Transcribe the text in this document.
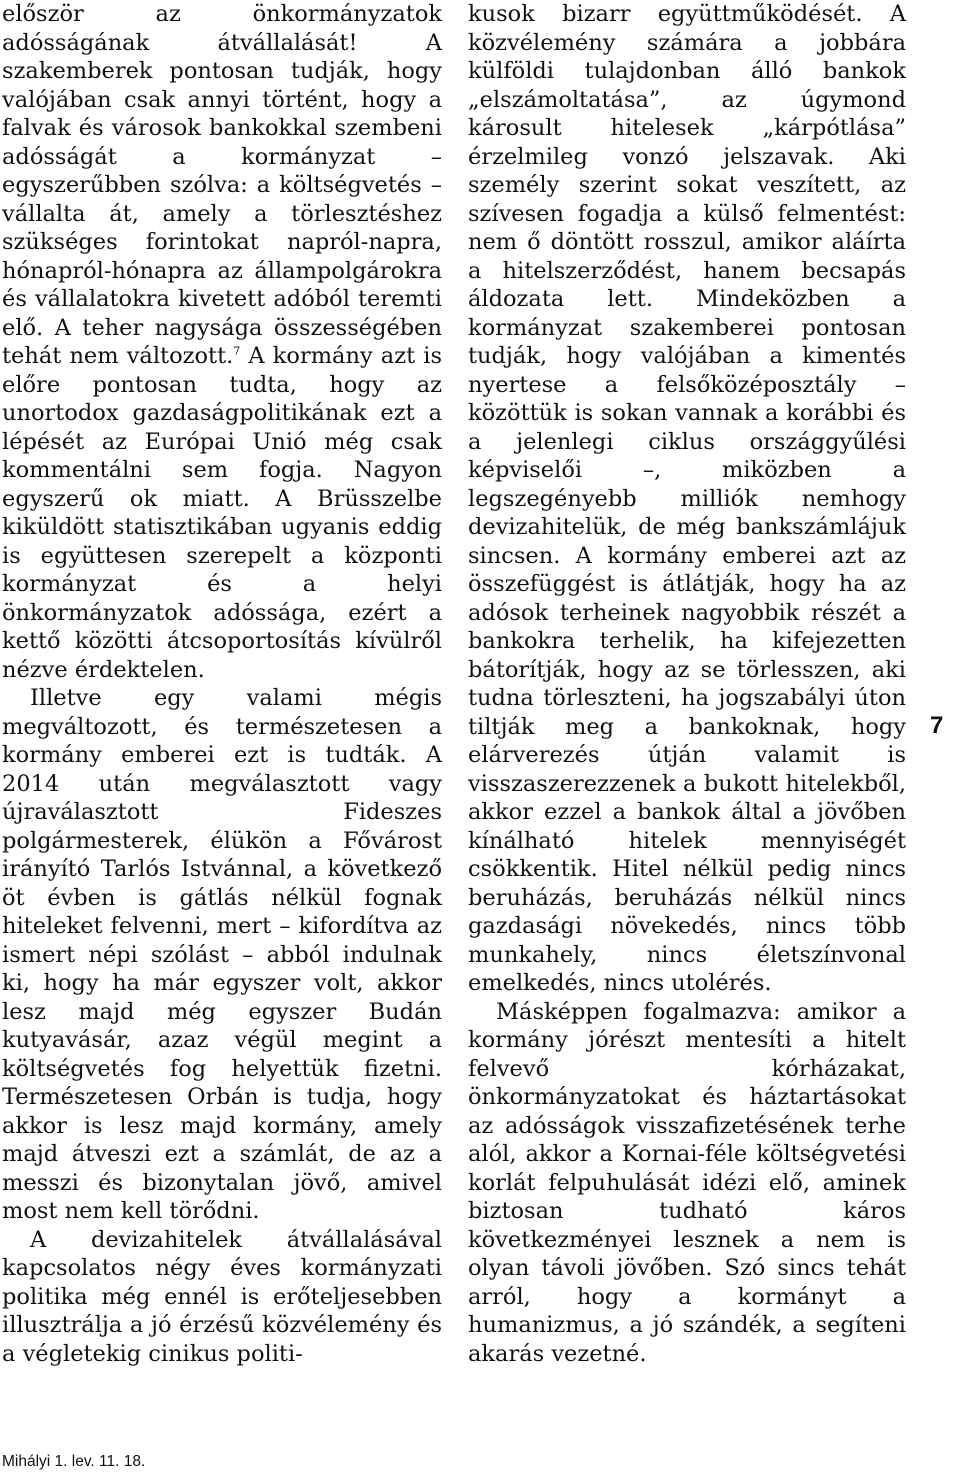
először az önkormányzatok adósságának átvállalását! A szakemberek pontosan tudják, hogy valójában csak annyi történt, hogy a falvak és városok bankokkal szembeni adósságát a kormányzat – egyszerűbben szólva: a költségvetés – vállalta át, amely a törlesztéshez szükséges forintokat napról-napra, hónapról-hónapra az állampolgárokra és vállalatokra kivetett adóból teremti elő. A teher nagysága összességében tehát nem változott.$^7$ A kormány azt is előre pontosan tudta, hogy az unortodox gazdaságpolitikának ezt a lépését az Európai Unió még csak kommentálni sem fogja. Nagyon egyszerű ok miatt. A Brüsszelbe kiküldött statisztikában ugyanis eddig is együttesen szerepelt a központi kormányzat és a helyi önkormányzatok adóssága, ezért a kettő közötti átcsoportosítás kívülről nézve érdektelen.

Illetve egy valami mégis megváltozott, és természetesen a kormány emberei ezt is tudták. A 2014 után megválasztott vagy újraválasztott Fideszes polgármesterek, élükön a Fővárost irányító Tarlós Istvánnal, a következő öt évben is gátlás nélkül fognak hiteleket felvenni, mert – kifordítva az ismert népi szólást – abból indulnak ki, hogy ha már egyszer volt, akkor lesz majd még egyszer Budán kutyavásár, azaz végül megint a költségvetés fog helyettük fizetni. Természetesen Orbán is tudja, hogy akkor is lesz majd kormány, amely majd átveszi ezt a számlát, de az a messzi és bizonytalan jövő, amivel most nem kell törődni.

A devizahitelek átvállalásával kapcsolatos négy éves kormányzati politika még ennél is erőteljesebben illusztrálja a jó érzésű közvélemény és a végletekig cinikus politi-

kusok bizarr együttműködését. A közvélemény számára a jobbára külföldi tulajdonban álló bankok „elszámoltatása”, az úgymond károsult hitelesek „kárpótlása” érzelmileg vonzó jelszavak. Aki személy szerint sokat veszített, az szívesen fogadja a külső felmentést: nem ő döntött rosszul, amikor aláírta a hitelszerződést, hanem becsapás áldozata lett. Mindeközben a kormányzat szakemberei pontosan tudják, hogy valójában a kimentés nyertese a felsőközéposztály – közöttük is sokan vannak a korábbi és a jelenlegi ciklus országgyűlési képviselői –, miközben a legszegényebb milliók nemhogy devizahitelük, de még bankszámlájuk sincsen. A kormány emberei azt az összefüggést is átlátják, hogy ha az adósok terheinek nagyobbik részét a bankokra terhelik, ha kifejezetten bátorítják, hogy az se törlesszen, aki tudna törleszteni, ha jogszabályi úton tiltják meg a bankoknak, hogy elárverezés útján valamit is visszaszerezzenek a bukott hitelekből, akkor ezzel a bankok által a jövőben kínálható hitelek mennyiségét csökkentik. Hitel nélkül pedig nincs beruházás, beruházás nélkül nincs gazdasági növekedés, nincs több munkahely, nincs életszínvonal emelkedés, nincs utolérés.

Másképpen fogalmazva: amikor a kormány jórészt mentesíti a hitelt felvevő kórházakat, önkormányzatokat és háztartásokat az adósságok visszafizetésének terhe alól, akkor a Kornai-féle költségvetési korlát felpuhulását idézi elő, aminek biztosan tudható káros következményei lesznek a nem is olyan távoli jövőben. Szó sincs tehát arról, hogy a kormányt a humanizmus, a jó szándék, a segíteni akarás vezetné.

7
Mihályi 1. lev. 11. 18.
